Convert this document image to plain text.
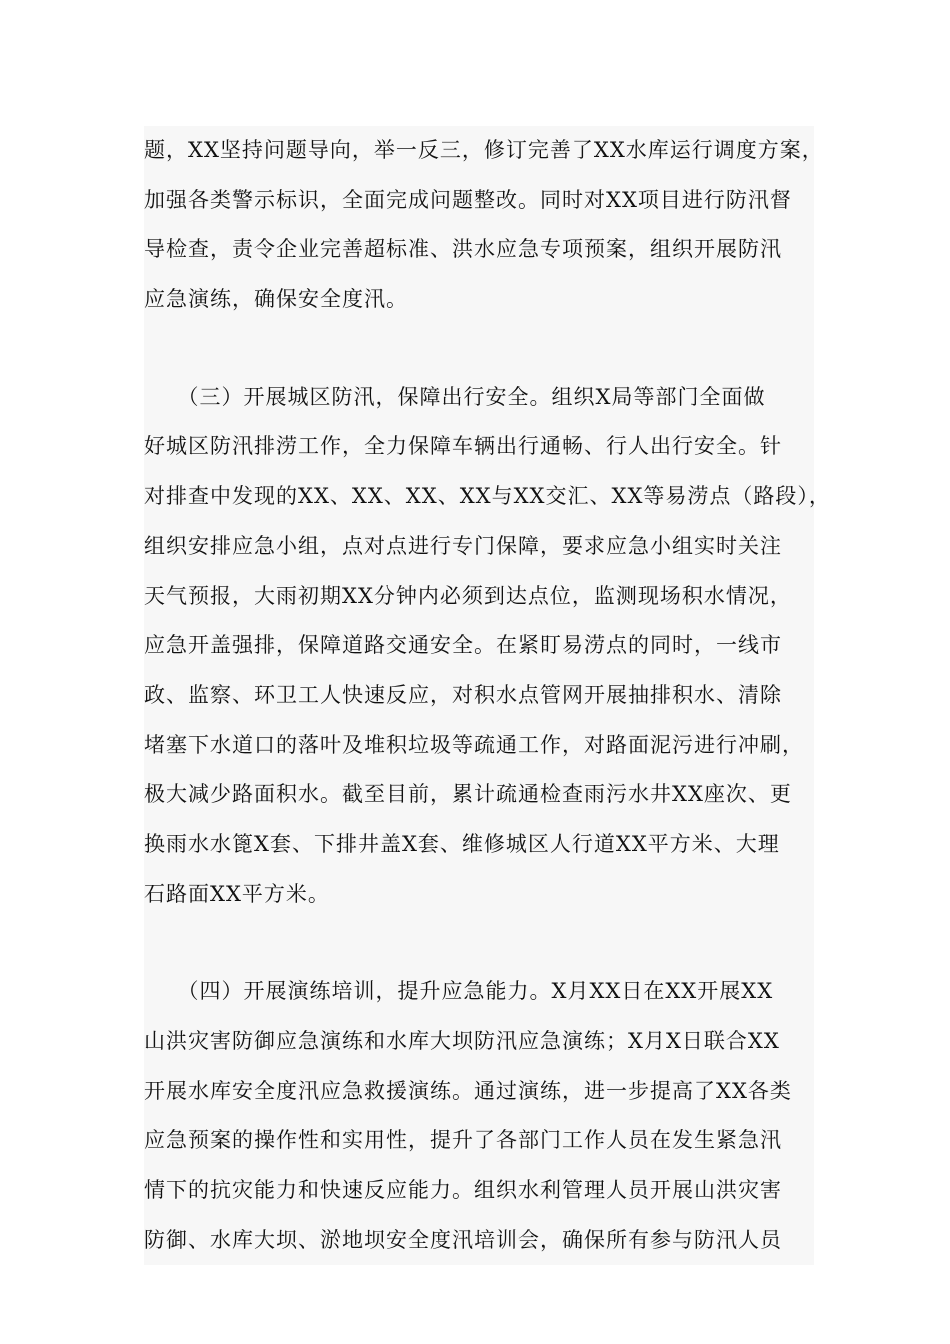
题，XX坚持问题导向，举一反三，修订完善了XX水库运行调度方案，
加强各类警示标识，全面完成问题整改。同时对XX项目进行防汛督
导检查，责令企业完善超标准、洪水应急专项预案，组织开展防汛
应急演练，确保安全度汛。
　　（三）开展城区防汛，保障出行安全。组织X局等部门全面做
好城区防汛排涝工作，全力保障车辆出行通畅、行人出行安全。针
对排查中发现的XX、XX、XX、XX与XX交汇、XX等易涝点（路段），
组织安排应急小组，点对点进行专门保障，要求应急小组实时关注
天气预报，大雨初期XX分钟内必须到达点位，监测现场积水情况，
应急开盖强排，保障道路交通安全。在紧盯易涝点的同时，一线市
政、监察、环卫工人快速反应，对积水点管网开展抽排积水、清除
堵塞下水道口的落叶及堆积垃圾等疏通工作，对路面泥污进行冲刷，
极大减少路面积水。截至目前，累计疏通检查雨污水井XX座次、更
换雨水水篦X套、下排井盖X套、维修城区人行道XX平方米、大理
石路面XX平方米。
　　（四）开展演练培训，提升应急能力。X月XX日在XX开展XX
山洪灾害防御应急演练和水库大坝防汛应急演练；X月X日联合XX
开展水库安全度汛应急救援演练。通过演练，进一步提高了XX各类
应急预案的操作性和实用性，提升了各部门工作人员在发生紧急汛
情下的抗灾能力和快速反应能力。组织水利管理人员开展山洪灾害
防御、水库大坝、淤地坝安全度汛培训会，确保所有参与防汛人员
